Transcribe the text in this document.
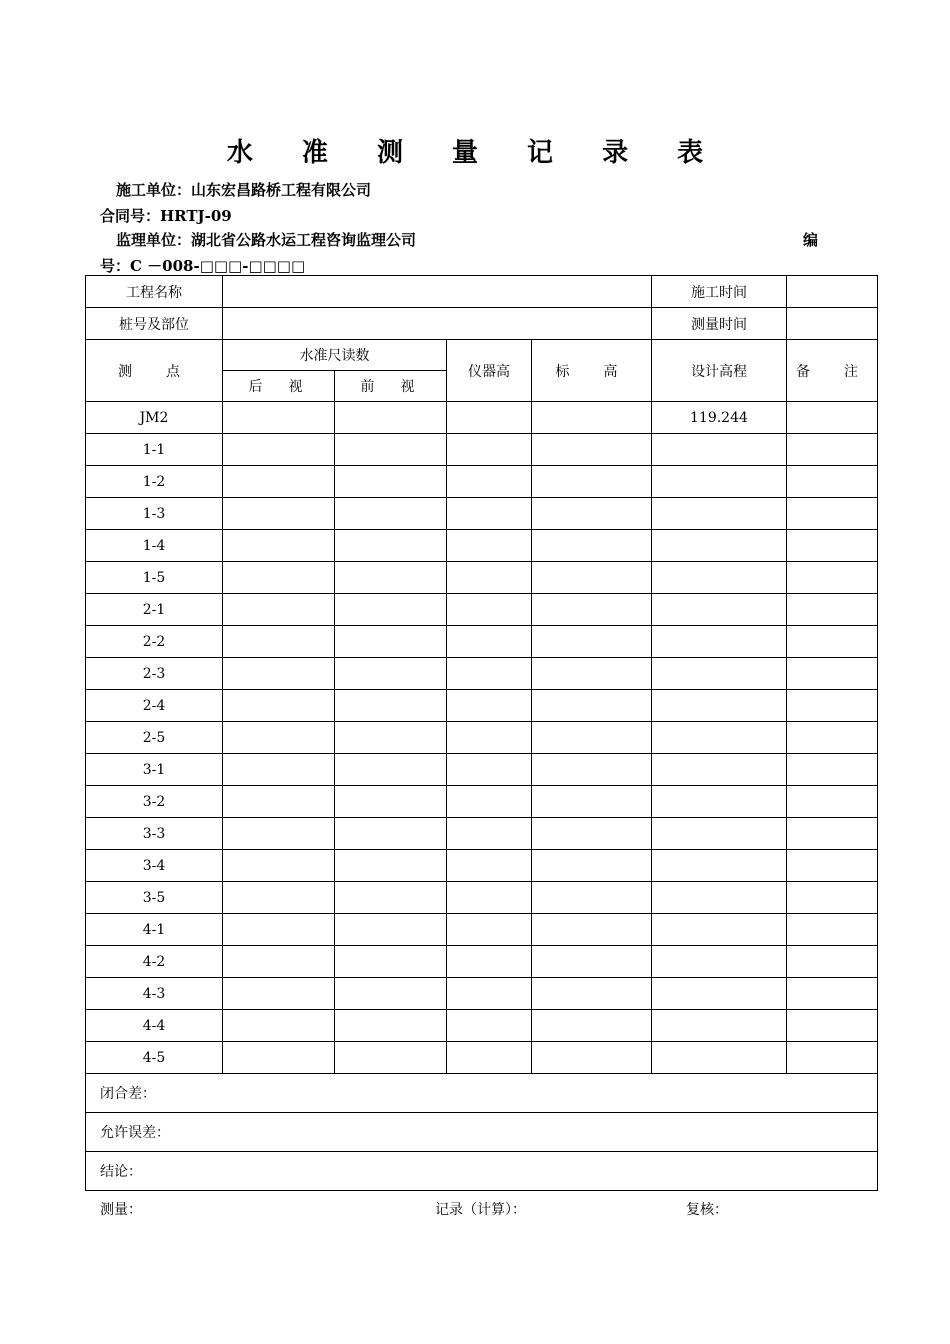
水 准 测 量 记 录 表
施工单位：山东宏昌路桥工程有限公司
合同号：HRTJ-09
监理单位：湖北省公路水运工程咨询监理公司	编
号：C －008-□□□-□□□□
工程名称					施工时间	
桩号及部位					测量时间	
测　点	水准尺读数		仪器高	标　高	设计高程	备　注
	后　视	前　视				
JM2					119.244	
1-1						
1-2						
1-3						
1-4						
1-5						
2-1						
2-2						
2-3						
2-4						
2-5						
3-1						
3-2						
3-3						
3-4						
3-5						
4-1						
4-2						
4-3						
4-4						
4-5						
闭合差：						
允许误差：						
结论：						
测量：	记录（计算）：	复核：
